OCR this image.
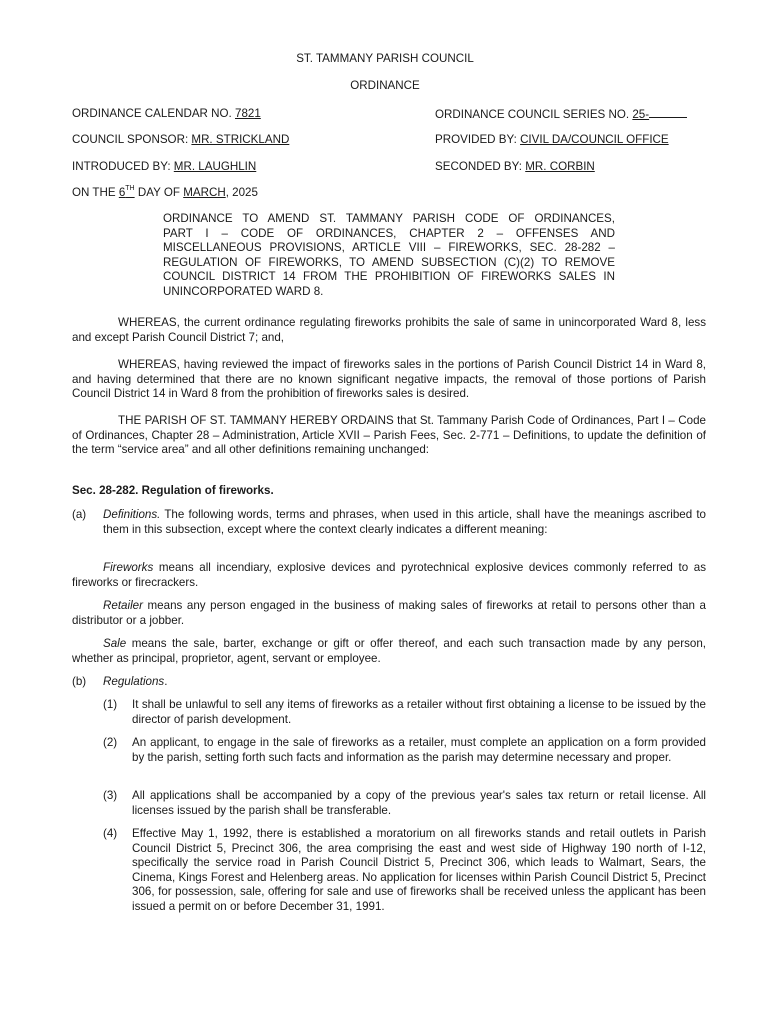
ST. TAMMANY PARISH COUNCIL
ORDINANCE
ORDINANCE CALENDAR NO. 7821	ORDINANCE COUNCIL SERIES NO. 25-
COUNCIL SPONSOR: MR. STRICKLAND	PROVIDED BY: CIVIL DA/COUNCIL OFFICE
INTRODUCED BY: MR. LAUGHLIN	SECONDED BY: MR. CORBIN
ON THE 6TH DAY OF MARCH, 2025
ORDINANCE TO AMEND ST. TAMMANY PARISH CODE OF ORDINANCES,
PART I – CODE OF ORDINANCES, CHAPTER 2 – OFFENSES AND
MISCELLANEOUS PROVISIONS, ARTICLE VIII – FIREWORKS, SEC. 28-282 –
REGULATION OF FIREWORKS, TO AMEND SUBSECTION (C)(2) TO REMOVE
COUNCIL DISTRICT 14 FROM THE PROHIBITION OF FIREWORKS SALES IN
UNINCORPORATED WARD 8.
WHEREAS, the current ordinance regulating fireworks prohibits the sale of same in unincorporated Ward 8, less and except Parish Council District 7; and,
WHEREAS, having reviewed the impact of fireworks sales in the portions of Parish Council District 14 in Ward 8, and having determined that there are no known significant negative impacts, the removal of those portions of Parish Council District 14 in Ward 8 from the prohibition of fireworks sales is desired.
THE PARISH OF ST. TAMMANY HEREBY ORDAINS that St. Tammany Parish Code of Ordinances, Part I – Code of Ordinances, Chapter 28 – Administration, Article XVII – Parish Fees, Sec. 2-771 – Definitions, to update the definition of the term “service area” and all other definitions remaining unchanged:
Sec. 28-282. Regulation of fireworks.
(a) Definitions. The following words, terms and phrases, when used in this article, shall have the meanings ascribed to them in this subsection, except where the context clearly indicates a different meaning:
Fireworks means all incendiary, explosive devices and pyrotechnical explosive devices commonly referred to as fireworks or firecrackers.
Retailer means any person engaged in the business of making sales of fireworks at retail to persons other than a distributor or a jobber.
Sale means the sale, barter, exchange or gift or offer thereof, and each such transaction made by any person, whether as principal, proprietor, agent, servant or employee.
(b) Regulations.
(1) It shall be unlawful to sell any items of fireworks as a retailer without first obtaining a license to be issued by the director of parish development.
(2) An applicant, to engage in the sale of fireworks as a retailer, must complete an application on a form provided by the parish, setting forth such facts and information as the parish may determine necessary and proper.
(3) All applications shall be accompanied by a copy of the previous year's sales tax return or retail license. All licenses issued by the parish shall be transferable.
(4) Effective May 1, 1992, there is established a moratorium on all fireworks stands and retail outlets in Parish Council District 5, Precinct 306, the area comprising the east and west side of Highway 190 north of I-12, specifically the service road in Parish Council District 5, Precinct 306, which leads to Walmart, Sears, the Cinema, Kings Forest and Helenberg areas. No application for licenses within Parish Council District 5, Precinct 306, for possession, sale, offering for sale and use of fireworks shall be received unless the applicant has been issued a permit on or before December 31, 1991.
